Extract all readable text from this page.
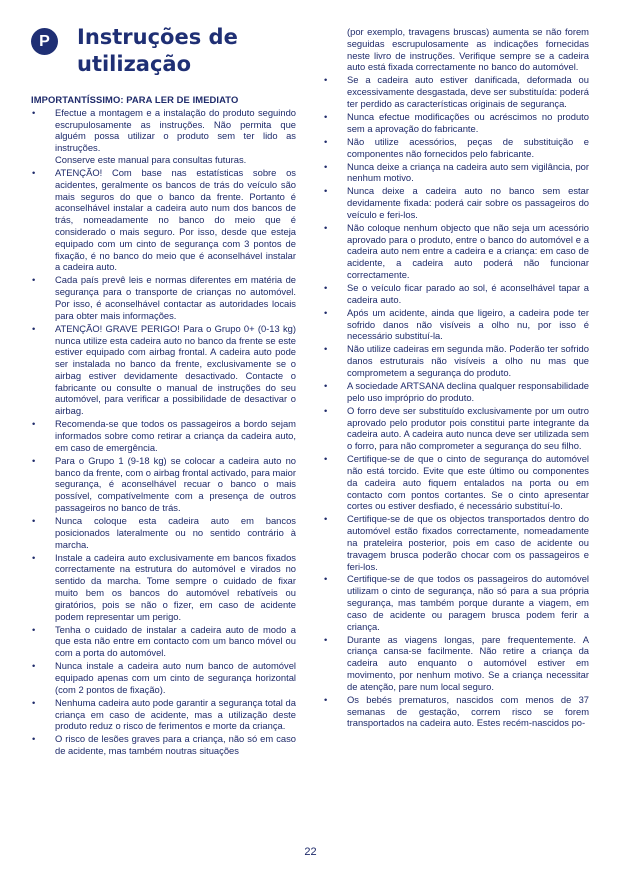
P	Instruções de utilização
IMPORTANTÍSSIMO: PARA LER DE IMEDIATO
• Efectue a montagem e a instalação do produto seguindo escrupulosamente as instruções. Não permita que alguém possa utilizar o produto sem ter lido as instruções.
Conserve este manual para consultas futuras.
• ATENÇÃO! Com base nas estatísticas sobre os acidentes, geralmente os bancos de trás do veículo são mais seguros do que o banco da frente. Portanto é aconselhável instalar a cadeira auto num dos bancos de trás, nomeadamente no banco do meio que é considerado o mais seguro. Por isso, desde que esteja equipado com um cinto de segurança com 3 pontos de fixação, é no banco do meio que é aconselhável instalar a cadeira auto.
• Cada país prevê leis e normas diferentes em matéria de segurança para o transporte de crianças no automóvel. Por isso, é aconselhável contactar as autoridades locais para obter mais informações.
• ATENÇÃO! GRAVE PERIGO! Para o Grupo 0+ (0-13 kg) nunca utilize esta cadeira auto no banco da frente se este estiver equipado com airbag frontal. A cadeira auto pode ser instalada no banco da frente, exclusivamente se o airbag estiver devidamente desactivado. Contacte o fabricante ou consulte o manual de instruções do seu automóvel, para verificar a possibilidade de desactivar o airbag.
• Recomenda-se que todos os passageiros a bordo sejam informados sobre como retirar a criança da cadeira auto, em caso de emergência.
• Para o Grupo 1 (9-18 kg) se colocar a cadeira auto no banco da frente, com o airbag frontal activado, para maior segurança, é aconselhável recuar o banco o mais possível, compatívelmente com a presença de outros passageiros no banco de trás.
• Nunca coloque esta cadeira auto em bancos posicionados lateralmente ou no sentido contrário à marcha.
• Instale a cadeira auto exclusivamente em bancos fixados correctamente na estrutura do automóvel e virados no sentido da marcha. Tome sempre o cuidado de fixar muito bem os bancos do automóvel rebatíveis ou giratórios, pois se não o fizer, em caso de acidente podem representar um perigo.
• Tenha o cuidado de instalar a cadeira auto de modo a que esta não entre em contacto com um banco móvel ou com a porta do automóvel.
• Nunca instale a cadeira auto num banco de automóvel equipado apenas com um cinto de segurança horizontal (com 2 pontos de fixação).
• Nenhuma cadeira auto pode garantir a segurança total da criança em caso de acidente, mas a utilização deste produto reduz o risco de ferimentos e morte da criança.
• O risco de lesões graves para a criança, não só em caso de acidente, mas também noutras situações

(por exemplo, travagens bruscas) aumenta se não forem seguidas escrupulosamente as indicações fornecidas neste livro de instruções. Verifique sempre se a cadeira auto está fixada correctamente no banco do automóvel.

• Se a cadeira auto estiver danificada, deformada ou excessivamente desgastada, deve ser substituída: poderá ter perdido as características originais de segurança.
• Nunca efectue modificações ou acréscimos no produto sem a aprovação do fabricante.
• Não utilize acessórios, peças de substituição e componentes não fornecidos pelo fabricante.
• Nunca deixe a criança na cadeira auto sem vigilância, por nenhum motivo.
• Nunca deixe a cadeira auto no banco sem estar devidamente fixada: poderá cair sobre os passageiros do veículo e feri-los.
• Não coloque nenhum objecto que não seja um acessório aprovado para o produto, entre o banco do automóvel e a cadeira auto nem entre a cadeira e a criança: em caso de acidente, a cadeira auto poderá não funcionar correctamente.
• Se o veículo ficar parado ao sol, é aconselhável tapar a cadeira auto.
• Após um acidente, ainda que ligeiro, a cadeira pode ter sofrido danos não visíveis a olho nu, por isso é necessário substituí-la.
• Não utilize cadeiras em segunda mão. Poderão ter sofrido danos estruturais não visíveis a olho nu mas que comprometem a segurança do produto.
• A sociedade ARTSANA declina qualquer responsabilidade pelo uso impróprio do produto.
• O forro deve ser substituído exclusivamente por um outro aprovado pelo produtor pois constitui parte integrante da cadeira auto. A cadeira auto nunca deve ser utilizada sem o forro, para não comprometer a segurança do seu filho.
• Certifique-se de que o cinto de segurança do automóvel não está torcido. Evite que este último ou componentes da cadeira auto fiquem entalados na porta ou em contacto com pontos cortantes. Se o cinto apresentar cortes ou estiver desfiado, é necessário substituí-lo.
• Certifique-se de que os objectos transportados dentro do automóvel estão fixados correctamente, nomeadamente na prateleira posterior, pois em caso de acidente ou travagem brusca poderão chocar com os passageiros e feri-los.
• Certifique-se de que todos os passageiros do automóvel utilizam o cinto de segurança, não só para a sua própria segurança, mas também porque durante a viagem, em caso de acidente ou paragem brusca podem ferir a criança.
• Durante as viagens longas, pare frequentemente. A criança cansa-se facilmente. Não retire a criança da cadeira auto enquanto o automóvel estiver em movimento, por nenhum motivo. Se a criança necessitar de atenção, pare num local seguro.
• Os bebés prematuros, nascidos com menos de 37 semanas de gestação, correm risco se forem transportados na cadeira auto. Estes recém-nascidos po-
22
